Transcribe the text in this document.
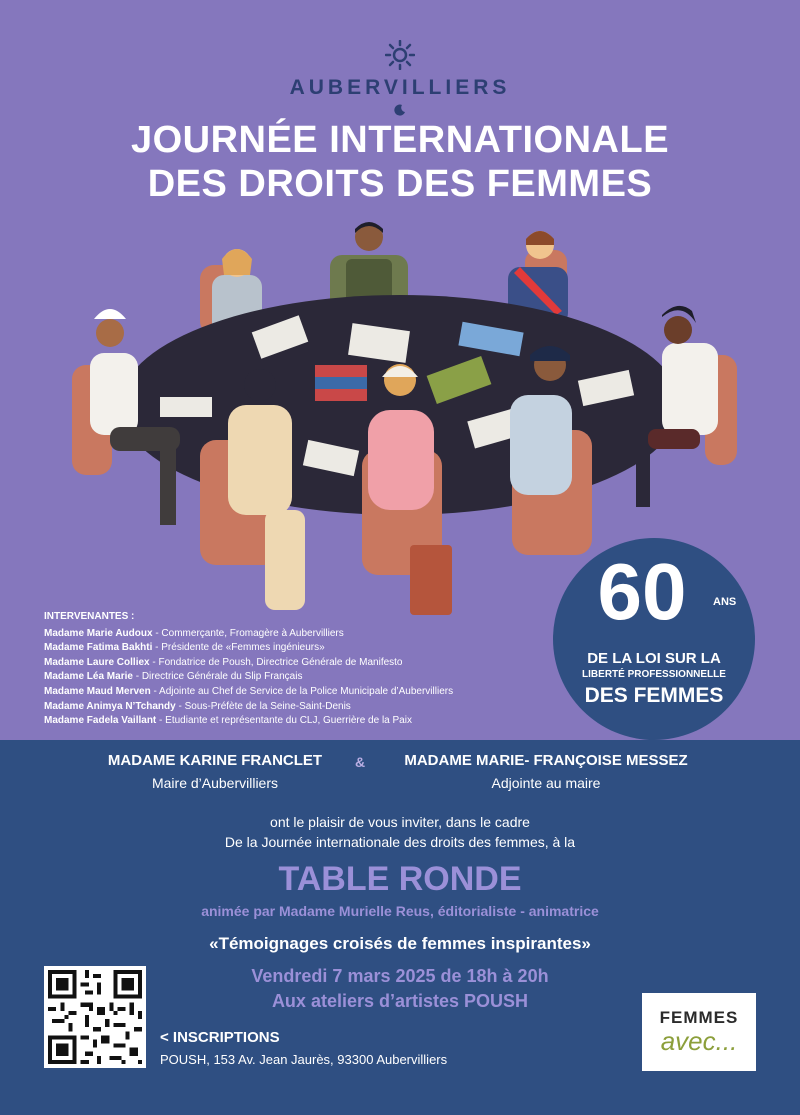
AUBERVILLIERS
JOURNÉE INTERNATIONALE
DES DROITS DES FEMMES
INTERVENANTES :
Madame Marie Audoux - Commerçante, Fromagère à Aubervilliers
Madame Fatima Bakhti - Présidente de «Femmes ingénieurs»
Madame Laure Colliex - Fondatrice de Poush, Directrice Générale de Manifesto
Madame Léa Marie - Directrice Générale du Slip Français
Madame Maud Merven - Adjointe au Chef de Service de la Police Municipale d’Aubervilliers
Madame Animya N’Tchandy - Sous-Préfète de la Seine-Saint-Denis
Madame Fadela Vaillant - Etudiante et représentante du CLJ, Guerrière de la Paix
60	ANS
DE LA LOI SUR LA
LIBERTÉ PROFESSIONNELLE
DES FEMMES
MADAME KARINE FRANCLET
Maire d’Aubervilliers
&	MADAME MARIE- FRANÇOISE MESSEZ
Adjointe au maire
ont le plaisir de vous inviter, dans le cadre
De la Journée internationale des droits des femmes, à la
TABLE RONDE
animée par Madame Murielle Reus, éditorialiste - animatrice
«Témoignages croisés de femmes inspirantes»
Vendredi 7 mars 2025 de 18h à 20h
Aux ateliers d’artistes POUSH
< INSCRIPTIONS
POUSH, 153 Av. Jean Jaurès, 93300 Aubervilliers
FEMMES
avec...
